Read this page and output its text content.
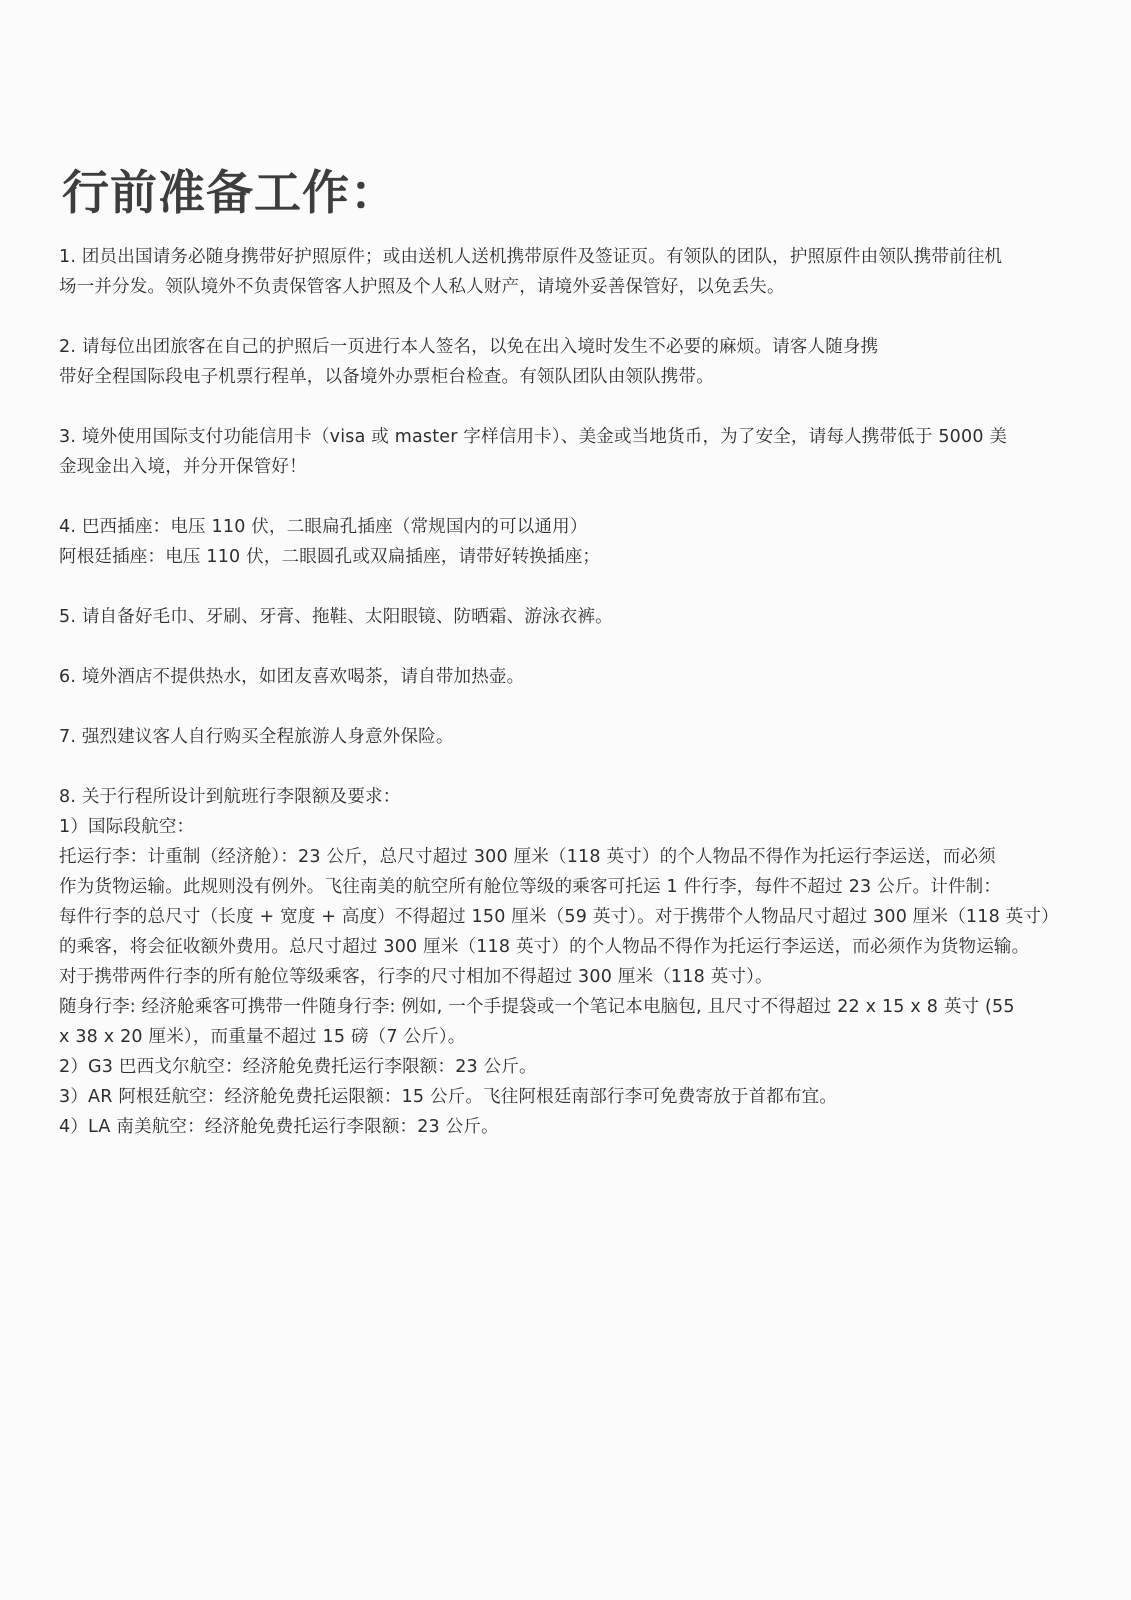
行前准备工作：
1. 团员出国请务必随身携带好护照原件；或由送机人送机携带原件及签证页。有领队的团队，护照原件由领队携带前往机
场一并分发。领队境外不负责保管客人护照及个人私人财产，请境外妥善保管好，以免丢失。
2. 请每位出团旅客在自己的护照后一页进行本人签名，以免在出入境时发生不必要的麻烦。请客人随身携
带好全程国际段电子机票行程单，以备境外办票柜台检查。有领队团队由领队携带。
3. 境外使用国际支付功能信用卡（visa 或 master 字样信用卡）、美金或当地货币，为了安全，请每人携带低于 5000 美
金现金出入境，并分开保管好！
4. 巴西插座：电压 110 伏，二眼扁孔插座（常规国内的可以通用）
阿根廷插座：电压 110 伏，二眼圆孔或双扁插座，请带好转换插座；
5. 请自备好毛巾、牙刷、牙膏、拖鞋、太阳眼镜、防晒霜、游泳衣裤。
6. 境外酒店不提供热水，如团友喜欢喝茶，请自带加热壶。
7. 强烈建议客人自行购买全程旅游人身意外保险。
8. 关于行程所设计到航班行李限额及要求：
1）国际段航空：
托运行李：计重制（经济舱）：23 公斤，总尺寸超过 300 厘米（118 英寸）的个人物品不得作为托运行李运送，而必须
作为货物运输。此规则没有例外。飞往南美的航空所有舱位等级的乘客可托运 1 件行李，每件不超过 23 公斤。计件制：
每件行李的总尺寸（长度 + 宽度 + 高度）不得超过 150 厘米（59 英寸）。对于携带个人物品尺寸超过 300 厘米（118 英寸）
的乘客，将会征收额外费用。总尺寸超过 300 厘米（118 英寸）的个人物品不得作为托运行李运送，而必须作为货物运输。
对于携带两件行李的所有舱位等级乘客，行李的尺寸相加不得超过 300 厘米（118 英寸）。
随身行李: 经济舱乘客可携带一件随身行李: 例如, 一个手提袋或一个笔记本电脑包, 且尺寸不得超过 22 x 15 x 8 英寸 (55
x 38 x 20 厘米），而重量不超过 15 磅（7 公斤）。
2）G3 巴西戈尔航空：经济舱免费托运行李限额：23 公斤。
3）AR 阿根廷航空：经济舱免费托运限额：15 公斤。飞往阿根廷南部行李可免费寄放于首都布宜。
4）LA 南美航空：经济舱免费托运行李限额：23 公斤。
